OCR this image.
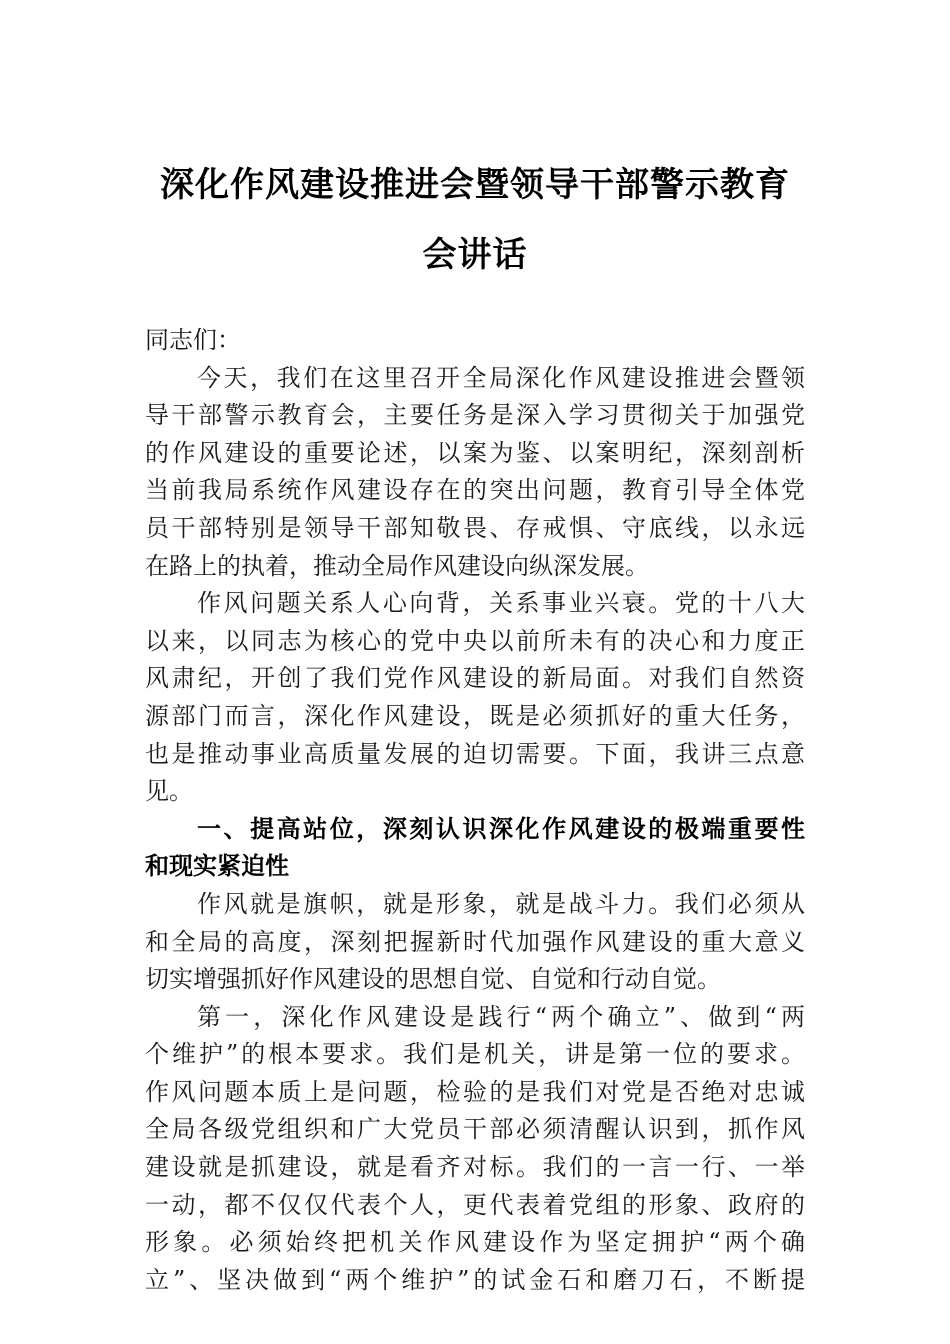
深化作风建设推进会暨领导干部警示教育
会讲话
同志们：
今天，我们在这里召开全局深化作风建设推进会暨领
导干部警示教育会，主要任务是深入学习贯彻关于加强党
的作风建设的重要论述，以案为鉴、以案明纪，深刻剖析
当前我局系统作风建设存在的突出问题，教育引导全体党
员干部特别是领导干部知敬畏、存戒惧、守底线，以永远
在路上的执着，推动全局作风建设向纵深发展。
作风问题关系人心向背，关系事业兴衰。党的十八大
以来，以同志为核心的党中央以前所未有的决心和力度正
风肃纪，开创了我们党作风建设的新局面。对我们自然资
源部门而言，深化作风建设，既是必须抓好的重大任务，
也是推动事业高质量发展的迫切需要。下面，我讲三点意
见。
一、提高站位，深刻认识深化作风建设的极端重要性
和现实紧迫性
作风就是旗帜，就是形象，就是战斗力。我们必须从
和全局的高度，深刻把握新时代加强作风建设的重大意义
切实增强抓好作风建设的思想自觉、自觉和行动自觉。
第一，深化作风建设是践行“两个确立”、做到“两
个维护”的根本要求。我们是机关，讲是第一位的要求。
作风问题本质上是问题，检验的是我们对党是否绝对忠诚
全局各级党组织和广大党员干部必须清醒认识到，抓作风
建设就是抓建设，就是看齐对标。我们的一言一行、一举
一动，都不仅仅代表个人，更代表着党组的形象、政府的
形象。必须始终把机关作风建设作为坚定拥护“两个确
立”、坚决做到“两个维护”的试金石和磨刀石，不断提
